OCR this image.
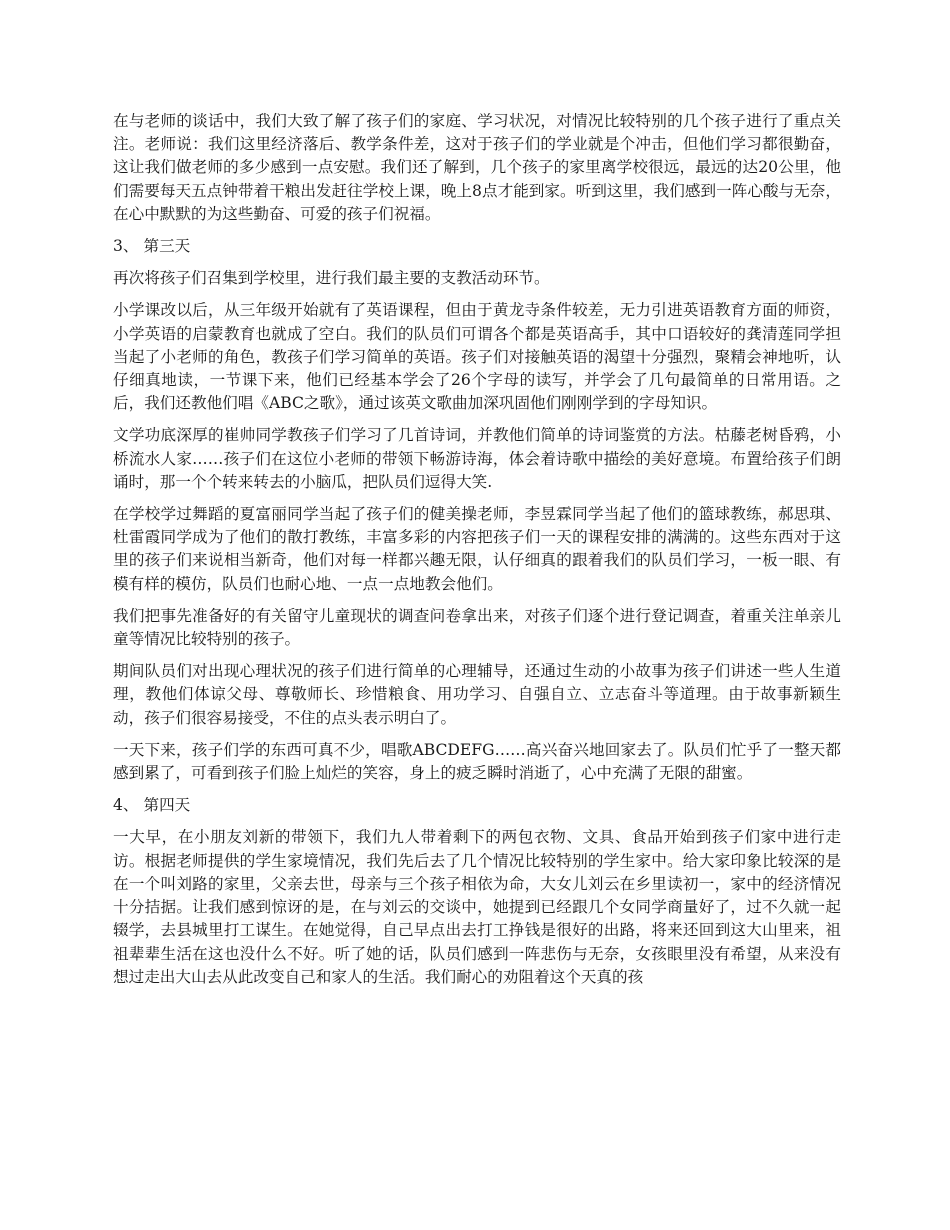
在与老师的谈话中，我们大致了解了孩子们的家庭、学习状况，对情况比较特别的几个孩子进行了重点关注。老师说：我们这里经济落后、教学条件差，这对于孩子们的学业就是个冲击，但他们学习都很勤奋，这让我们做老师的多少感到一点安慰。我们还了解到，几个孩子的家里离学校很远，最远的达20公里，他们需要每天五点钟带着干粮出发赶往学校上课，晚上8点才能到家。听到这里，我们感到一阵心酸与无奈，在心中默默的为这些勤奋、可爱的孩子们祝福。

3、 第三天

再次将孩子们召集到学校里，进行我们最主要的支教活动环节。

小学课改以后，从三年级开始就有了英语课程，但由于黄龙寺条件较差，无力引进英语教育方面的师资，小学英语的启蒙教育也就成了空白。我们的队员们可谓各个都是英语高手，其中口语较好的龚清莲同学担当起了小老师的角色，教孩子们学习简单的英语。孩子们对接触英语的渴望十分强烈，聚精会神地听，认仔细真地读，一节课下来，他们已经基本学会了26个字母的读写，并学会了几句最简单的日常用语。之后，我们还教他们唱《ABC之歌》，通过该英文歌曲加深巩固他们刚刚学到的字母知识。

文学功底深厚的崔帅同学教孩子们学习了几首诗词，并教他们简单的诗词鉴赏的方法。枯藤老树昏鸦，小桥流水人家……孩子们在这位小老师的带领下畅游诗海，体会着诗歌中描绘的美好意境。布置给孩子们朗诵时，那一个个转来转去的小脑瓜，把队员们逗得大笑.

在学校学过舞蹈的夏富丽同学当起了孩子们的健美操老师，李昱霖同学当起了他们的篮球教练，郝思琪、杜雷霞同学成为了他们的散打教练，丰富多彩的内容把孩子们一天的课程安排的满满的。这些东西对于这里的孩子们来说相当新奇，他们对每一样都兴趣无限，认仔细真的跟着我们的队员们学习，一板一眼、有模有样的模仿，队员们也耐心地、一点一点地教会他们。

我们把事先准备好的有关留守儿童现状的调查问卷拿出来，对孩子们逐个进行登记调查，着重关注单亲儿童等情况比较特别的孩子。

期间队员们对出现心理状况的孩子们进行简单的心理辅导，还通过生动的小故事为孩子们讲述一些人生道理，教他们体谅父母、尊敬师长、珍惜粮食、用功学习、自强自立、立志奋斗等道理。由于故事新颖生动，孩子们很容易接受，不住的点头表示明白了。

一天下来，孩子们学的东西可真不少，唱歌ABCDEFG……高兴奋兴地回家去了。队员们忙乎了一整天都感到累了，可看到孩子们脸上灿烂的笑容，身上的疲乏瞬时消逝了，心中充满了无限的甜蜜。

4、 第四天

一大早，在小朋友刘新的带领下，我们九人带着剩下的两包衣物、文具、食品开始到孩子们家中进行走访。根据老师提供的学生家境情况，我们先后去了几个情况比较特别的学生家中。给大家印象比较深的是在一个叫刘路的家里，父亲去世，母亲与三个孩子相依为命，大女儿刘云在乡里读初一，家中的经济情况十分拮据。让我们感到惊讶的是，在与刘云的交谈中，她提到已经跟几个女同学商量好了，过不久就一起辍学，去县城里打工谋生。在她觉得，自己早点出去打工挣钱是很好的出路，将来还回到这大山里来，祖祖辈辈生活在这也没什么不好。听了她的话，队员们感到一阵悲伤与无奈，女孩眼里没有希望，从来没有想过走出大山去从此改变自己和家人的生活。我们耐心的劝阻着这个天真的孩
